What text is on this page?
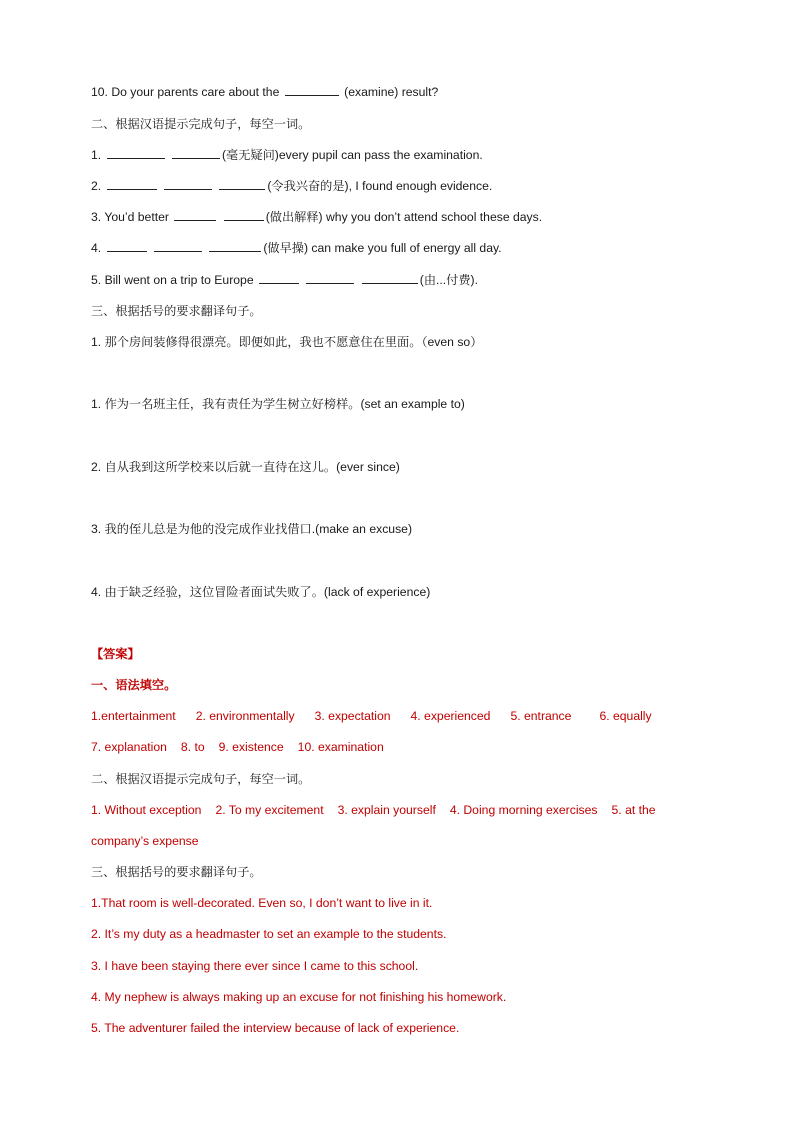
10. Do your parents care about the	(examine) result?
二、根据汉语提示完成句子，每空一词。
1.	(毫无疑问)every pupil can pass the examination.
2.	(令我兴奋的是), I found enough evidence.
3. You’d better	(做出解释) why you don’t attend school these days.
4.	(做早操) can make you full of energy all day.
5. Bill went on a trip to Europe	(由...付费).
三、根据括号的要求翻译句子。
1. 那个房间装修得很漂亮。即便如此，我也不愿意住在里面。（even so）
1. 作为一名班主任，我有责任为学生树立好榜样。(set an example to)
2. 自从我到这所学校来以后就一直待在这儿。(ever since)
3. 我的侄儿总是为他的没完成作业找借口.(make an excuse)
4. 由于缺乏经验，这位冒险者面试失败了。(lack of experience)
【答案】
一、语法填空。
1.entertainment 2. environmentally 3. expectation 4. experienced 5. entrance 6. equally
7. explanation 8. to 9. existence 10. examination
二、根据汉语提示完成句子，每空一词。
1. Without exception 2. To my excitement 3. explain yourself 4. Doing morning exercises 5. at the
company’s expense
三、根据括号的要求翻译句子。
1.That room is well-decorated. Even so, I don’t want to live in it.
2. It’s my duty as a headmaster to set an example to the students.
3. I have been staying there ever since I came to this school.
4. My nephew is always making up an excuse for not finishing his homework.
5. The adventurer failed the interview because of lack of experience.
